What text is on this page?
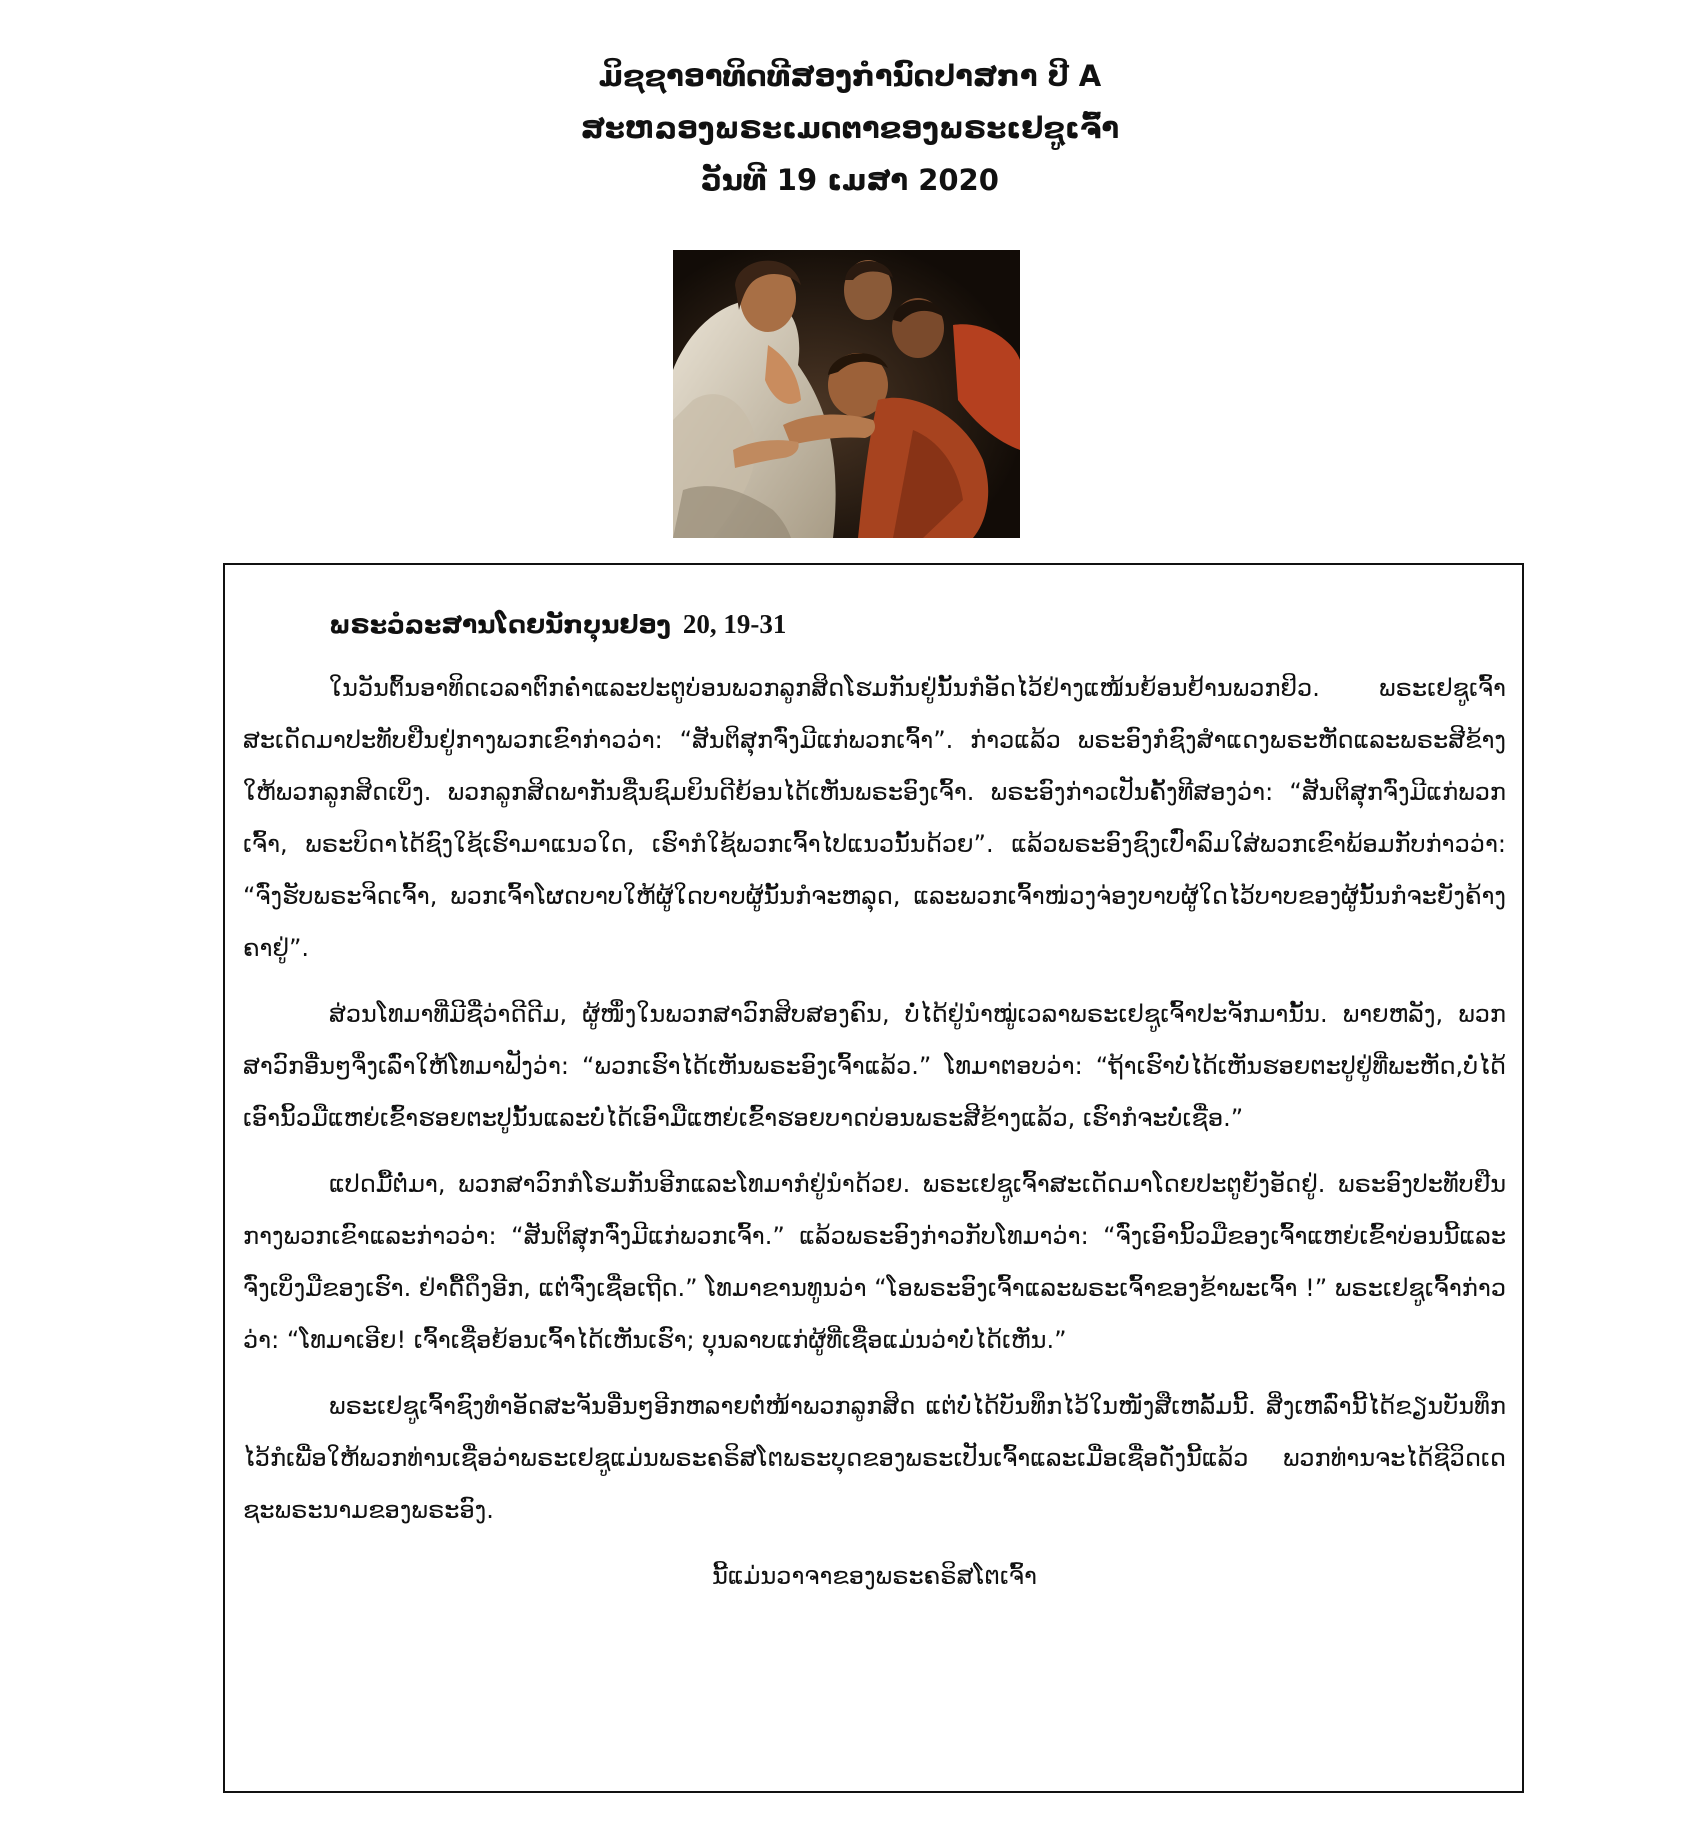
ມິຊຊາອາທິດທີສອງກຳນົດປາສກາ ປີ A
ສະຫລອງພຣະເມດຕາຂອງພຣະເຢຊູເຈົ້າ
ວັນທີ 19 ເມສາ 2020
ພຣະວໍລະສານໂດຍນັກບຸນຢອງ 20, 19-31

ໃນວັນຕົ້ນອາທິດເວລາຕົກຄ່ຳແລະປະຕູບ່ອນພວກລູກສິດໂຮມກັນຢູ່ນັ້ນກໍອັດໄວ້ຢ່າງແໜ້ນຍ້ອນຢ້ານພວກຢິວ. ພຣະເຢຊູເຈົ້າສະເດັດມາປະທັບຢືນຢູ່ກາງພວກເຂົາກ່າວວ່າ: “ສັນຕິສຸກຈົ່ງມີແກ່ພວກເຈົ້າ”. ກ່າວແລ້ວ ພຣະອົງກໍຊົງສຳແດງພຣະຫັດແລະພຣະສີຂ້າງໃຫ້ພວກລູກສິດເບິ່ງ. ພວກລູກສິດພາກັນຊື່ນຊົມຍິນດີຍ້ອນໄດ້ເຫັນພຣະອົງເຈົ້າ. ພຣະອົງກ່າວເປັນຄັ້ງທີສອງວ່າ: “ສັນຕິສຸກຈົ່ງມີແກ່ພວກເຈົ້າ, ພຣະບິດາໄດ້ຊົງໃຊ້ເຮົາມາແນວໃດ, ເຮົາກໍໃຊ້ພວກເຈົ້າໄປແນວນັ້ນດ້ວຍ”. ແລ້ວພຣະອົງຊົງເປົ່າລົມໃສ່ພວກເຂົາພ້ອມກັບກ່າວວ່າ: “ຈົ່ງຮັບພຣະຈິດເຈົ້າ, ພວກເຈົ້າໂຜດບາບໃຫ້ຜູ້ໃດບາບຜູ້ນັ້ນກໍຈະຫລຸດ, ແລະພວກເຈົ້າໜ່ວງຈ່ອງບາບຜູ້ໃດໄວ້ບາບຂອງຜູ້ນັ້ນກໍຈະຍັງຄ້າງຄາຢູ່”.

ສ່ວນໂທມາທີ່ມີຊື່ວ່າດີດີມ, ຜູ້ໜຶ່ງໃນພວກສາວົກສິບສອງຄົນ, ບໍ່ໄດ້ຢູ່ນຳໝູ່ເວລາພຣະເຢຊູເຈົ້າປະຈັກມານັ້ນ. ພາຍຫລັງ, ພວກສາວົກອື່ນໆຈຶ່ງເລົ່າໃຫ້ໂທມາຟັງວ່າ: “ພວກເຮົາໄດ້ເຫັນພຣະອົງເຈົ້າແລ້ວ.” ໂທມາຕອບວ່າ: “ຖ້າເຮົາບໍ່ໄດ້ເຫັນຮອຍຕະປູຢູ່ທີ່ພະຫັດ,ບໍ່ໄດ້ເອົານິ້ວມືແຫຍ່ເຂົ້າຮອຍຕະປູນັ້ນແລະບໍ່ໄດ້ເອົາມືແຫຍ່ເຂົ້າຮອຍບາດບ່ອນພຣະສີຂ້າງແລ້ວ, ເຮົາກໍຈະບໍ່ເຊື່ອ.”

ແປດມື້ຕໍ່ມາ, ພວກສາວົກກໍໂຮມກັນອີກແລະໂທມາກໍຢູ່ນຳດ້ວຍ. ພຣະເຢຊູເຈົ້າສະເດັດມາໂດຍປະຕູຍັງອັດຢູ່. ພຣະອົງປະທັບຢືນກາງພວກເຂົາແລະກ່າວວ່າ: “ສັນຕິສຸກຈົ່ງມີແກ່ພວກເຈົ້າ.” ແລ້ວພຣະອົງກ່າວກັບໂທມາວ່າ: “ຈົ່ງເອົານິ້ວມືຂອງເຈົ້າແຫຍ່ເຂົ້າບ່ອນນີ້ແລະຈົ່ງເບິ່ງມືຂອງເຮົາ. ຢ່າດື້ດຶງອີກ, ແຕ່ຈົ່ງເຊື່ອເຖີດ.” ໂທມາຂານທູນວ່າ “ໂອພຣະອົງເຈົ້າແລະພຣະເຈົ້າຂອງຂ້າພະເຈົ້າ !” ພຣະເຢຊູເຈົ້າກ່າວວ່າ: “ໂທມາເອີຍ! ເຈົ້າເຊື່ອຍ້ອນເຈົ້າໄດ້ເຫັນເຮົາ; ບຸນລາບແກ່ຜູ້ທີ່ເຊື່ອແມ່ນວ່າບໍ່ໄດ້ເຫັນ.”

ພຣະເຢຊູເຈົ້າຊົງທຳອັດສະຈັນອື່ນໆອີກຫລາຍຕໍ່ໜ້າພວກລູກສິດ ແຕ່ບໍ່ໄດ້ບັນທຶກໄວ້ໃນໜັງສືເຫລັ້ມນີ້. ສິ່ງເຫລົ່ານີ້ໄດ້ຂຽນບັນທຶກໄວ້ກໍເພື່ອໃຫ້ພວກທ່ານເຊື່ອວ່າພຣະເຢຊູແມ່ນພຣະຄຣິສໂຕພຣະບຸດຂອງພຣະເປັນເຈົ້າແລະເມື່ອເຊື່ອດັ່ງນີ້ແລ້ວ ພວກທ່ານຈະໄດ້ຊີວິດເດຊະພຣະນາມຂອງພຣະອົງ.

ນີ້ແມ່ນວາຈາຂອງພຣະຄຣິສໂຕເຈົ້າ
